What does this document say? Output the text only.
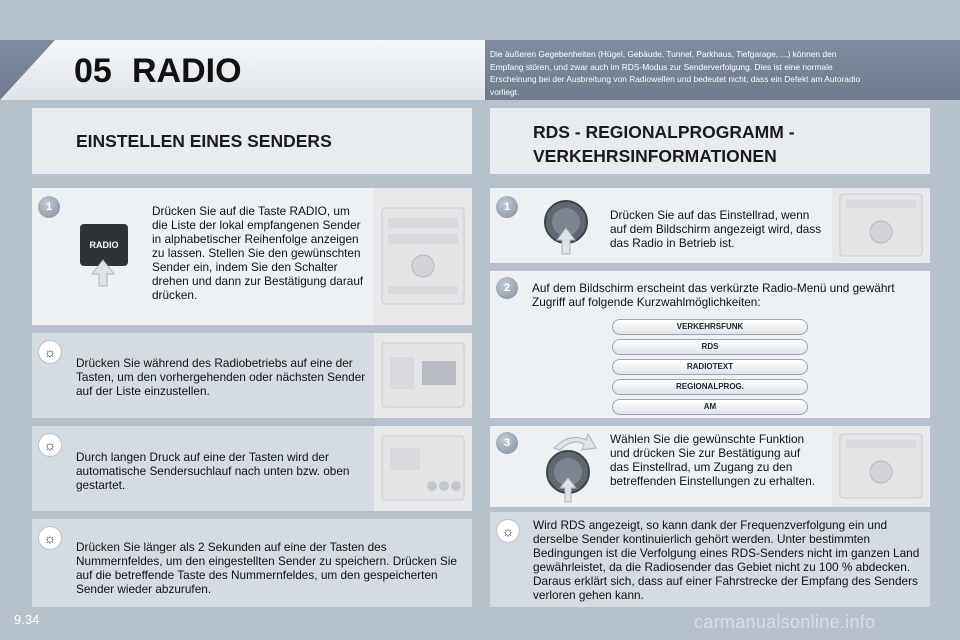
05 RADIO	Die äußeren Gegebenheiten (Hügel, Gebäude, Tunnel, Parkhaus, Tiefgarage, ...) können den Empfang stören, und zwar auch im RDS-Modus zur Senderverfolgung. Dies ist eine normale Erscheinung bei der Ausbreitung von Radiowellen und bedeutet nicht, dass ein Defekt am Autoradio vorliegt.
EINSTELLEN EINES SENDERS	RDS - REGIONALPROGRAMM - VERKEHRSINFORMATIONEN
1
RADIO
Drücken Sie auf die Taste RADIO, um die Liste der lokal empfangenen Sender in alphabetischer Reihenfolge anzeigen zu lassen. Stellen Sie den gewünschten Sender ein, indem Sie den Schalter drehen und dann zur Bestätigung darauf drücken.
☼
Drücken Sie während des Radiobetriebs auf eine der Tasten, um den vorhergehenden oder nächsten Sender auf der Liste einzustellen.
☼
Durch langen Druck auf eine der Tasten wird der automatische Sendersuchlauf nach unten bzw. oben gestartet.
☼
Drücken Sie länger als 2 Sekunden auf eine der Tasten des Nummernfeldes, um den eingestellten Sender zu speichern. Drücken Sie auf die betreffende Taste des Nummernfeldes, um den gespeicherten Sender wieder abzurufen.
1
Drücken Sie auf das Einstellrad, wenn auf dem Bildschirm angezeigt wird, dass das Radio in Betrieb ist.
2	Auf dem Bildschirm erscheint das verkürzte Radio-Menü und gewährt Zugriff auf folgende Kurzwahlmöglichkeiten:
VERKEHRSFUNK
RDS
RADIOTEXT
REGIONALPROG.
AM
3	Wählen Sie die gewünschte Funktion und drücken Sie zur Bestätigung auf das Einstellrad, um Zugang zu den betreffenden Einstellungen zu erhalten.
☼	Wird RDS angezeigt, so kann dank der Frequenzverfolgung ein und derselbe Sender kontinuierlich gehört werden. Unter bestimmten Bedingungen ist die Verfolgung eines RDS-Senders nicht im ganzen Land gewährleistet, da die Radiosender das Gebiet nicht zu 100 % abdecken. Daraus erklärt sich, dass auf einer Fahrstrecke der Empfang des Senders verloren gehen kann.
9.34	carmanualsonline.info
